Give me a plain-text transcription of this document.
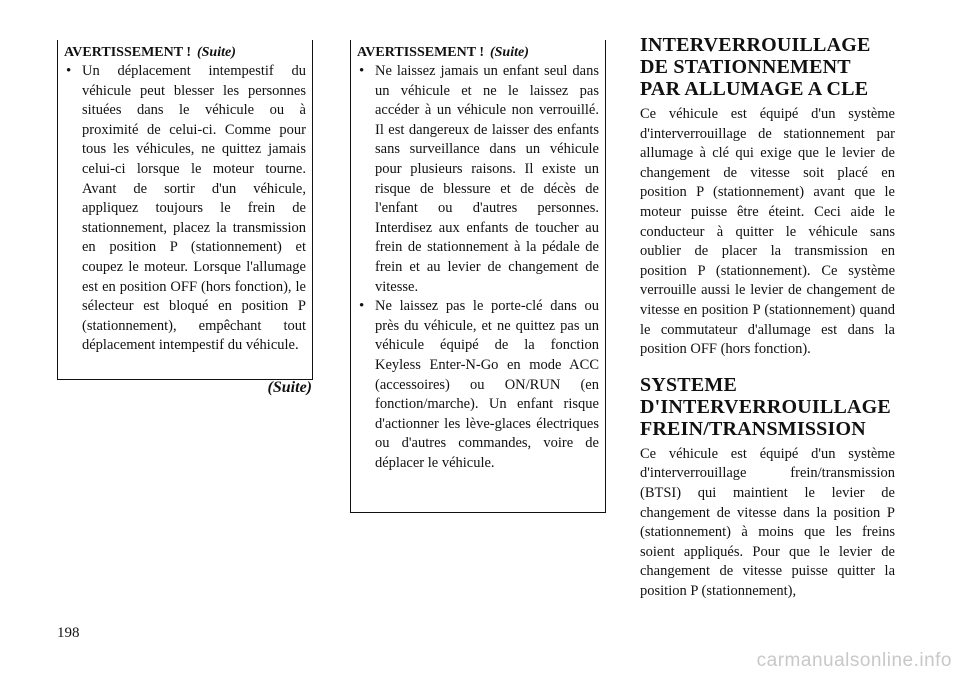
AVERTISSEMENT ! (Suite)
• Un déplacement intempestif du véhicule peut blesser les personnes situées dans le véhicule ou à proximité de celui-ci. Comme pour tous les véhicules, ne quittez jamais celui-ci lorsque le moteur tourne. Avant de sortir d'un véhicule, appliquez toujours le frein de stationnement, placez la transmission en position P (stationnement) et coupez le moteur. Lorsque l'allumage est en position OFF (hors fonction), le sélecteur est bloqué en position P (stationnement), empêchant tout déplacement intempestif du véhicule.
(Suite)
AVERTISSEMENT ! (Suite)
• Ne laissez jamais un enfant seul dans un véhicule et ne le laissez pas accéder à un véhicule non verrouillé. Il est dangereux de laisser des enfants sans surveillance dans un véhicule pour plusieurs raisons. Il existe un risque de blessure et de décès de l'enfant ou d'autres personnes. Interdisez aux enfants de toucher au frein de stationnement à la pédale de frein et au levier de changement de vitesse.
• Ne laissez pas le porte-clé dans ou près du véhicule, et ne quittez pas un véhicule équipé de la fonction Keyless Enter-N-Go en mode ACC (accessoires) ou ON/RUN (en fonction/marche). Un enfant risque d'actionner les lève-glaces électriques ou d'autres commandes, voire de déplacer le véhicule.
INTERVERROUILLAGE DE STATIONNEMENT PAR ALLUMAGE A CLE

Ce véhicule est équipé d'un système d'interverrouillage de stationnement par allumage à clé qui exige que le levier de changement de vitesse soit placé en position P (stationnement) avant que le moteur puisse être éteint. Ceci aide le conducteur à quitter le véhicule sans oublier de placer la transmission en position P (stationnement). Ce système verrouille aussi le levier de changement de vitesse en position P (stationnement) quand le commutateur d'allumage est dans la position OFF (hors fonction).

SYSTEME D'INTERVERROUILLAGE FREIN/TRANSMISSION

Ce véhicule est équipé d'un système d'interverrouillage frein/transmission (BTSI) qui maintient le levier de changement de vitesse dans la position P (stationnement) à moins que les freins soient appliqués. Pour que le levier de changement de vitesse puisse quitter la position P (stationnement),

198
carmanualsonline.info
